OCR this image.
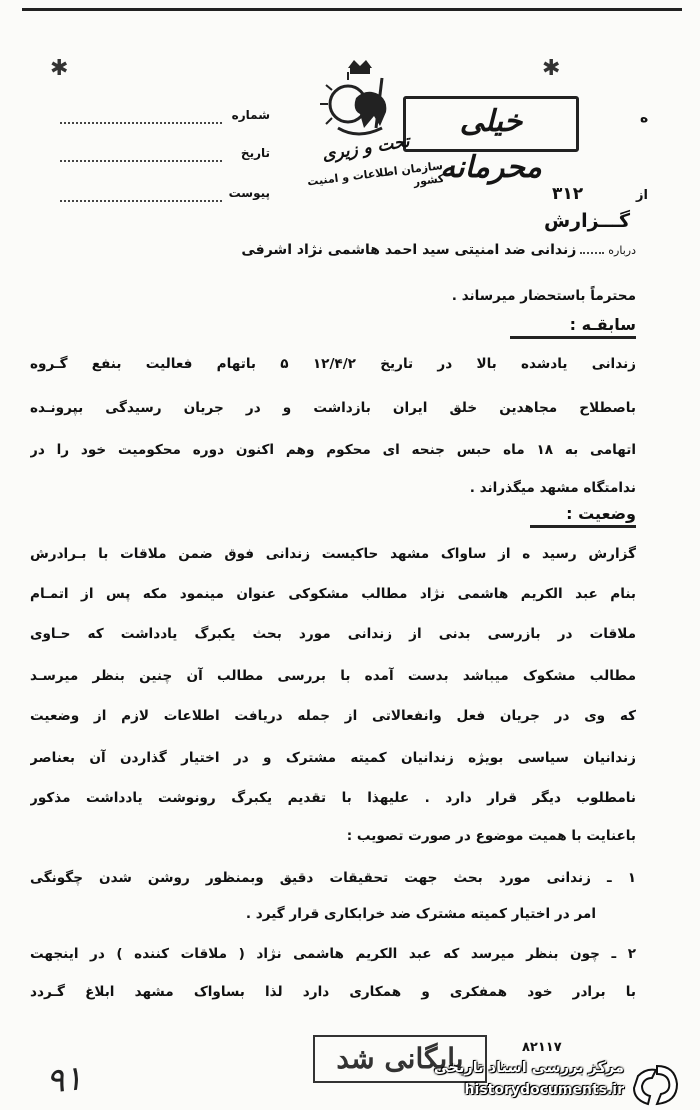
✱	✱
ه
شماره
تاریخ
پیوست
خیلی محرمانه
تحت و زیری
سازمان اطلاعات و امنیت کشور
۳۱۲	از
گـــزارش
دربارهزندانی ضد امنیتی سید احمد هاشمی نژاد اشرفی
محترماً باستحضار میرساند .
سابقـه :
زندانی یادشده بالا در تاریخ ۱۲/۴/۲ ۵ باتهام فعالیت بنفع گـروه
باصطلاح مجاهدین خلق ایران بازداشت و در جریان رسیدگی بپرونـده
اتهامی به ۱۸ ماه حبس جنحه ای محکوم وهم اکنون دوره محکومیت خود را در
ندامتگاه مشهد میگذراند .
وضعیت :
گزارش رسید ه از ساواک مشهد حاکیست زندانی فوق ضمن ملاقات با بـرادرش
بنام عبد الکریم هاشمی نژاد مطالب مشکوکی عنوان مینمود مکه پس از اتمـام
ملاقات در بازرسی بدنی از زندانی مورد بحث یکبرگ یادداشت که حـاوی
مطالب مشکوک میباشد بدست آمده با بررسی مطالب آن چنین بنظر میرسـد
که وی در جریان فعل وانفعالاتی از جمله دریافت اطلاعات لازم از وضعیت
زندانیان سیاسی بویژه زندانیان کمیته مشترک و در اختیار گذاردن آن بعناصر
نامطلوب دیگر قرار دارد . علیهذا با تقدیم یکبرگ رونوشت یادداشت مذکور
باعنایت با همیت موضوع در صورت تصویب :
۱ ـ زندانی مورد بحث جهت تحقیقات دقیق وبمنظور روشن شدن چگونگی
امر در اختیار کمیته مشترک ضد خرابکاری قرار گیرد .
۲ ـ چون بنظر میرسد که عبد الکریم هاشمی نژاد ( ملاقات کننده ) در اینجهت
با برادر خود همفکری و همکاری دارد لذا بساواک مشهد ابلاغ گـردد
۸۲۱۱۷
بایگانی شد
۹۱	مرکز بررسی اسناد تاریخی
historydocuments.ir
